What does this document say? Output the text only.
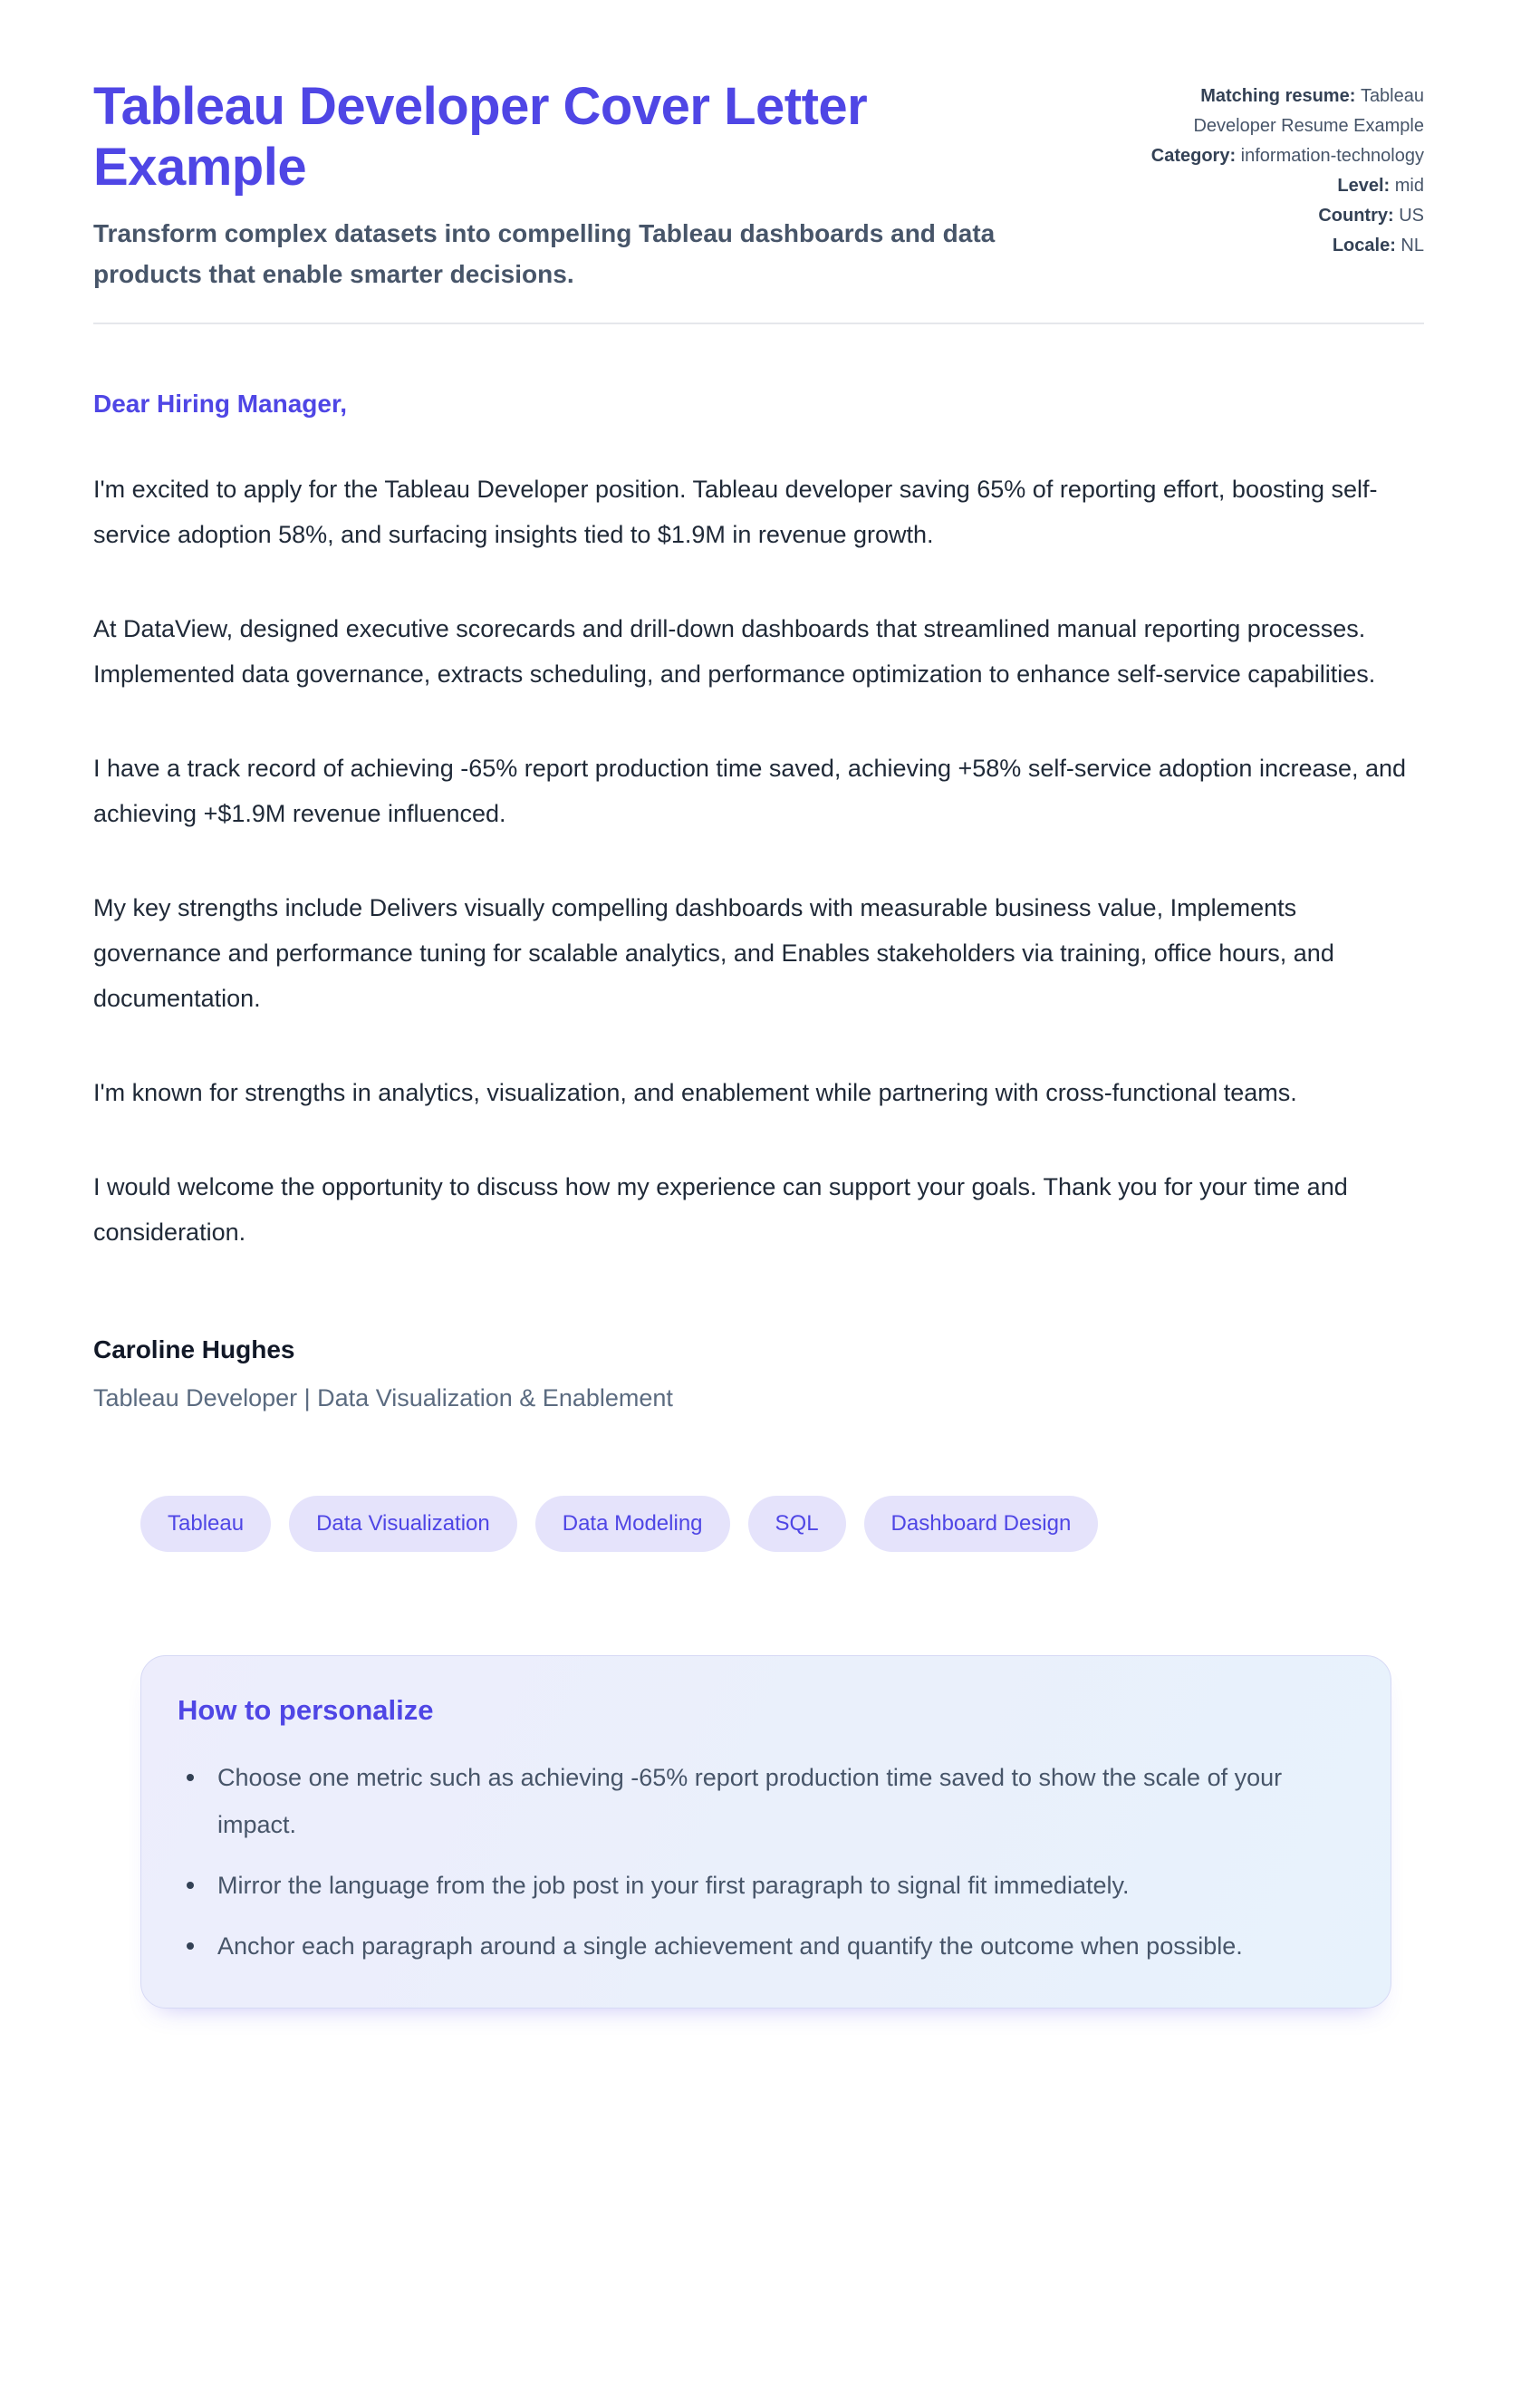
Tableau Developer Cover Letter Example

Transform complex datasets into compelling Tableau dashboards and data products that enable smarter decisions.

Matching resume: Tableau Developer Resume Example
Category: information-technology
Level: mid
Country: US
Locale: NL

Dear Hiring Manager,

I'm excited to apply for the Tableau Developer position. Tableau developer saving 65% of reporting effort, boosting self-service adoption 58%, and surfacing insights tied to $1.9M in revenue growth.

At DataView, designed executive scorecards and drill-down dashboards that streamlined manual reporting processes. Implemented data governance, extracts scheduling, and performance optimization to enhance self-service capabilities.

I have a track record of achieving -65% report production time saved, achieving +58% self-service adoption increase, and achieving +$1.9M revenue influenced.

My key strengths include Delivers visually compelling dashboards with measurable business value, Implements governance and performance tuning for scalable analytics, and Enables stakeholders via training, office hours, and documentation.

I'm known for strengths in analytics, visualization, and enablement while partnering with cross-functional teams.

I would welcome the opportunity to discuss how my experience can support your goals. Thank you for your time and consideration.

Caroline Hughes

Tableau Developer | Data Visualization & Enablement

Tableau	Data Visualization	Data Modeling	SQL	Dashboard Design
How to personalize
Choose one metric such as achieving -65% report production time saved to show the scale of your impact.
Mirror the language from the job post in your first paragraph to signal fit immediately.
Anchor each paragraph around a single achievement and quantify the outcome when possible.
